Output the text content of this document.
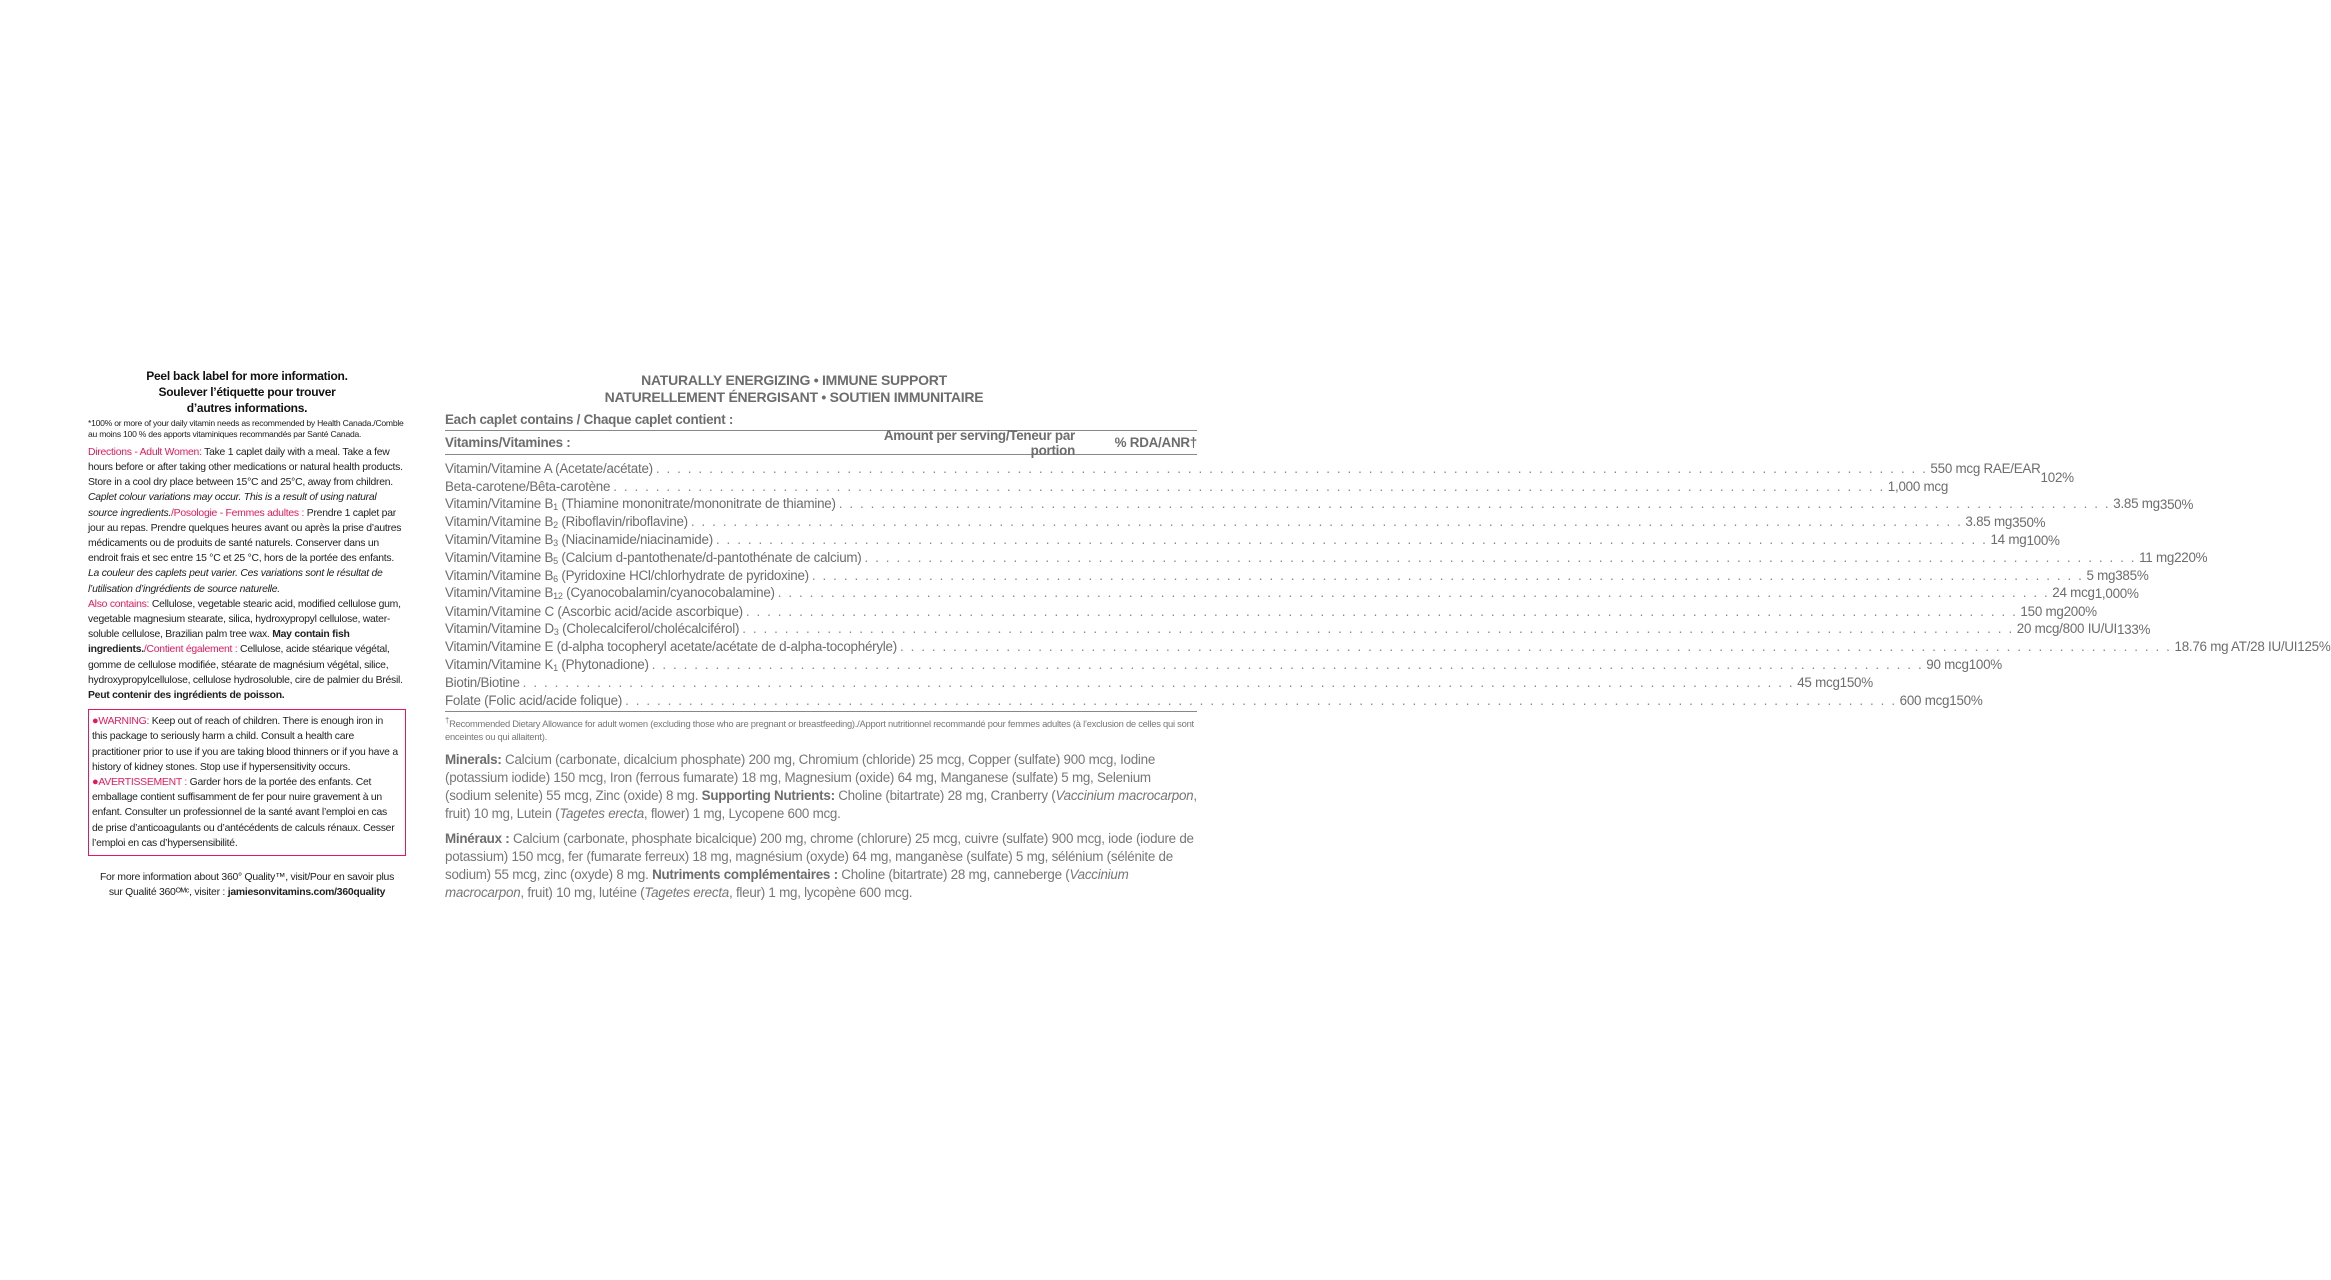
Peel back label for more information.
Soulever l’étiquette pour trouver
d’autres informations.
*100% or more of your daily vitamin needs as recommended by Health Canada./Comble au moins 100 % des apports vitaminiques recommandés par Santé Canada.
Directions - Adult Women: Take 1 caplet daily with a meal. Take a few hours before or after taking other medications or natural health products. Store in a cool dry place between 15°C and 25°C, away from children. Caplet colour variations may occur. This is a result of using natural source ingredients./Posologie - Femmes adultes : Prendre 1 caplet par jour au repas. Prendre quelques heures avant ou après la prise d’autres médicaments ou de produits de santé naturels. Conserver dans un endroit frais et sec entre 15 °C et 25 °C, hors de la portée des enfants. La couleur des caplets peut varier. Ces variations sont le résultat de l’utilisation d’ingrédients de source naturelle.
Also contains: Cellulose, vegetable stearic acid, modified cellulose gum, vegetable magnesium stearate, silica, hydroxypropyl cellulose, water-soluble cellulose, Brazilian palm tree wax. May contain fish ingredients./Contient également : Cellulose, acide stéarique végétal, gomme de cellulose modifiée, stéarate de magnésium végétal, silice, hydroxypropylcellulose, cellulose hydrosoluble, cire de palmier du Brésil. Peut contenir des ingrédients de poisson.
●WARNING: Keep out of reach of children. There is enough iron in this package to seriously harm a child. Consult a health care practitioner prior to use if you are taking blood thinners or if you have a history of kidney stones. Stop use if hypersensitivity occurs.
●AVERTISSEMENT : Garder hors de la portée des enfants. Cet emballage contient suffisamment de fer pour nuire gravement à un enfant. Consulter un professionnel de la santé avant l’emploi en cas de prise d’anticoagulants ou d’antécédents de calculs rénaux. Cesser l’emploi en cas d’hypersensibilité.
For more information about 360° Quality™, visit/Pour en savoir plus
sur Qualité 360ᴼᴹᶜ, visiter : jamiesonvitamins.com/360quality
NATURALLY ENERGIZING • IMMUNE SUPPORT
NATURELLEMENT ÉNERGISANT • SOUTIEN IMMUNITAIRE
Each caplet contains / Chaque caplet contient :
Vitamins/Vitamines :	Amount per serving/Teneur par portion	% RDA/ANR†
Vitamin/Vitamine A (Acetate/acétate) . . . . . . . . . . . . . . . . . . . . . . . . . . . . . . . . . . . . . . . . . . . . . . . . . . . . . . . . . . . . . . . . . . . . . . . . . . . . . . . . . . . . . . . . . . . . . . . . . . . . . . . . . . . . . . . . . . . . . . . . 550 mcg RAE/EAR
Beta-carotene/Bêta-carotène . . . . . . . . . . . . . . . . . . . . . . . . . . . . . . . . . . . . . . . . . . . . . . . . . . . . . . . . . . . . . . . . . . . . . . . . . . . . . . . . . . . . . . . . . . . . . . . . . . . . . . . . . . . . . . . . . . . . . . . . 1,000 mcg
102%
Vitamin/Vitamine $B_1$ (Thiamine mononitrate/mononitrate de thiamine) . . . . . . . . . . . . . . . . . . . . . . . . . . . . . . . . . . . . . . . . . . . . . . . . . . . . . . . . . . . . . . . . . . . . . . . . . . . . . . . . . . . . . . . . . . . . . . . . . . . . . . . . . . . . . . . . . . . . . . . . 3.85 mg 350%
Vitamin/Vitamine $B_2$ (Riboflavin/riboflavine) . . . . . . . . . . . . . . . . . . . . . . . . . . . . . . . . . . . . . . . . . . . . . . . . . . . . . . . . . . . . . . . . . . . . . . . . . . . . . . . . . . . . . . . . . . . . . . . . . . . . . . . . . . . . . . . . . . . . . . . . 3.85 mg 350%
Vitamin/Vitamine $B_3$ (Niacinamide/niacinamide) . . . . . . . . . . . . . . . . . . . . . . . . . . . . . . . . . . . . . . . . . . . . . . . . . . . . . . . . . . . . . . . . . . . . . . . . . . . . . . . . . . . . . . . . . . . . . . . . . . . . . . . . . . . . . . . . . . . . . . . . 14 mg 100%
Vitamin/Vitamine $B_5$ (Calcium d-pantothenate/d-pantothénate de calcium) . . . . . . . . . . . . . . . . . . . . . . . . . . . . . . . . . . . . . . . . . . . . . . . . . . . . . . . . . . . . . . . . . . . . . . . . . . . . . . . . . . . . . . . . . . . . . . . . . . . . . . . . . . . . . . . . . . . . . . . . 11 mg 220%
Vitamin/Vitamine $B_6$ (Pyridoxine HCl/chlorhydrate de pyridoxine) . . . . . . . . . . . . . . . . . . . . . . . . . . . . . . . . . . . . . . . . . . . . . . . . . . . . . . . . . . . . . . . . . . . . . . . . . . . . . . . . . . . . . . . . . . . . . . . . . . . . . . . . . . . . . . . . . . . . . . . . 5 mg 385%
Vitamin/Vitamine $B_{12}$ (Cyanocobalamin/cyanocobalamine) . . . . . . . . . . . . . . . . . . . . . . . . . . . . . . . . . . . . . . . . . . . . . . . . . . . . . . . . . . . . . . . . . . . . . . . . . . . . . . . . . . . . . . . . . . . . . . . . . . . . . . . . . . . . . . . . . . . . . . . . 24 mcg 1,000%
Vitamin/Vitamine C (Ascorbic acid/acide ascorbique) . . . . . . . . . . . . . . . . . . . . . . . . . . . . . . . . . . . . . . . . . . . . . . . . . . . . . . . . . . . . . . . . . . . . . . . . . . . . . . . . . . . . . . . . . . . . . . . . . . . . . . . . . . . . . . . . . . . . . . . . 150 mg 200%
Vitamin/Vitamine $D_3$ (Cholecalciferol/cholécalciférol) . . . . . . . . . . . . . . . . . . . . . . . . . . . . . . . . . . . . . . . . . . . . . . . . . . . . . . . . . . . . . . . . . . . . . . . . . . . . . . . . . . . . . . . . . . . . . . . . . . . . . . . . . . . . . . . . . . . . . . . . 20 mcg/800 IU/UI 133%
Vitamin/Vitamine E (d-alpha tocopheryl acetate/acétate de d-alpha-tocophéryle) . . . . . . . . . . . . . . . . . . . . . . . . . . . . . . . . . . . . . . . . . . . . . . . . . . . . . . . . . . . . . . . . . . . . . . . . . . . . . . . . . . . . . . . . . . . . . . . . . . . . . . . . . . . . . . . . . . . . . . . . 18.76 mg AT/28 IU/UI 125%
Vitamin/Vitamine $K_1$ (Phytonadione) . . . . . . . . . . . . . . . . . . . . . . . . . . . . . . . . . . . . . . . . . . . . . . . . . . . . . . . . . . . . . . . . . . . . . . . . . . . . . . . . . . . . . . . . . . . . . . . . . . . . . . . . . . . . . . . . . . . . . . . . 90 mcg 100%
Biotin/Biotine . . . . . . . . . . . . . . . . . . . . . . . . . . . . . . . . . . . . . . . . . . . . . . . . . . . . . . . . . . . . . . . . . . . . . . . . . . . . . . . . . . . . . . . . . . . . . . . . . . . . . . . . . . . . . . . . . . . . . . . . 45 mcg 150%
Folate (Folic acid/acide folique) . . . . . . . . . . . . . . . . . . . . . . . . . . . . . . . . . . . . . . . . . . . . . . . . . . . . . . . . . . . . . . . . . . . . . . . . . . . . . . . . . . . . . . . . . . . . . . . . . . . . . . . . . . . . . . . . . . . . . . . . 600 mcg 150%
†Recommended Dietary Allowance for adult women (excluding those who are pregnant or breastfeeding)./Apport nutritionnel recommandé pour femmes adultes (à l’exclusion de celles qui sont enceintes ou qui allaitent).
Minerals: Calcium (carbonate, dicalcium phosphate) 200 mg, Chromium (chloride) 25 mcg, Copper (sulfate) 900 mcg, Iodine (potassium iodide) 150 mcg, Iron (ferrous fumarate) 18 mg, Magnesium (oxide) 64 mg, Manganese (sulfate) 5 mg, Selenium (sodium selenite) 55 mcg, Zinc (oxide) 8 mg. Supporting Nutrients: Choline (bitartrate) 28 mg, Cranberry (Vaccinium macrocarpon, fruit) 10 mg, Lutein (Tagetes erecta, flower) 1 mg, Lycopene 600 mcg.
Minéraux : Calcium (carbonate, phosphate bicalcique) 200 mg, chrome (chlorure) 25 mcg, cuivre (sulfate) 900 mcg, iode (iodure de potassium) 150 mcg, fer (fumarate ferreux) 18 mg, magnésium (oxyde) 64 mg, manganèse (sulfate) 5 mg, sélénium (sélénite de sodium) 55 mcg, zinc (oxyde) 8 mg. Nutriments complémentaires : Choline (bitartrate) 28 mg, canneberge (Vaccinium macrocarpon, fruit) 10 mg, lutéine (Tagetes erecta, fleur) 1 mg, lycopène 600 mcg.
